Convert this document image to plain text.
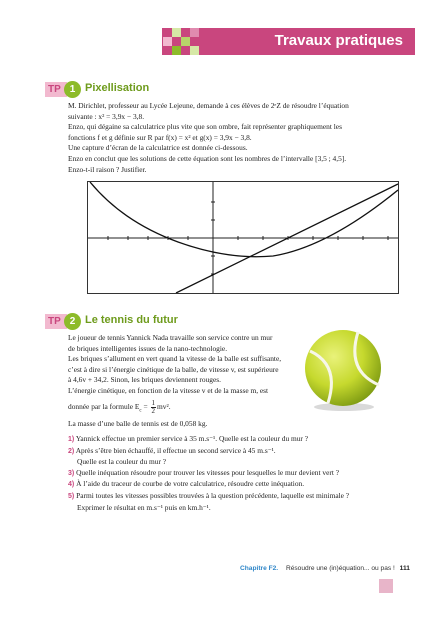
Travaux pratiques
TP 1 Pixellisation

M. Dirichlet, professeur au Lycée Lejeune, demande à ces élèves de 2ᵉZ de résoudre l’équation

suivante : x² = 3,9x − 3,8.

Enzo, qui dégaine sa calculatrice plus vite que son ombre, fait représenter graphiquement les

fonctions f et g définie sur R par f(x) = x² et g(x) = 3,9x − 3,8.

Une capture d’écran de la calculatrice est donnée ci-dessous.

Enzo en conclut que les solutions de cette équation sont les nombres de l’intervalle [3,5 ; 4,5].

Enzo-t-il raison ? Justifier.

TP 2 Le tennis du futur

Le joueur de tennis Yannick Nada travaille son service contre un mur

de briques intelligentes issues de la nano-technologie.

Les briques s’allument en vert quand la vitesse de la balle est suffisante,

c’est à dire si l’énergie cinétique de la balle, de vitesse v, est supérieure

à 4,6v + 34,2. Sinon, les briques deviennent rouges.

L’énergie cinétique, en fonction de la vitesse v et de la masse m, est

donnée par la formule $E_c = \frac{1}{2} mv^2$.

La masse d’une balle de tennis est de 0,058 kg.

1) Yannick effectue un premier service à 35 m.s⁻¹. Quelle est la couleur du mur ?

2) Après s’être bien échauffé, il effectue un second service à 45 m.s⁻¹.

Quelle est la couleur du mur ?

3) Quelle inéquation résoudre pour trouver les vitesses pour lesquelles le mur devient vert ?

4) À l’aide du traceur de courbe de votre calculatrice, résoudre cette inéquation.

5) Parmi toutes les vitesses possibles trouvées à la question précédente, laquelle est minimale ?

Exprimer le résultat en m.s⁻¹ puis en km.h⁻¹.

Chapitre F2. Résoudre une (in)équation... ou pas ! 111
